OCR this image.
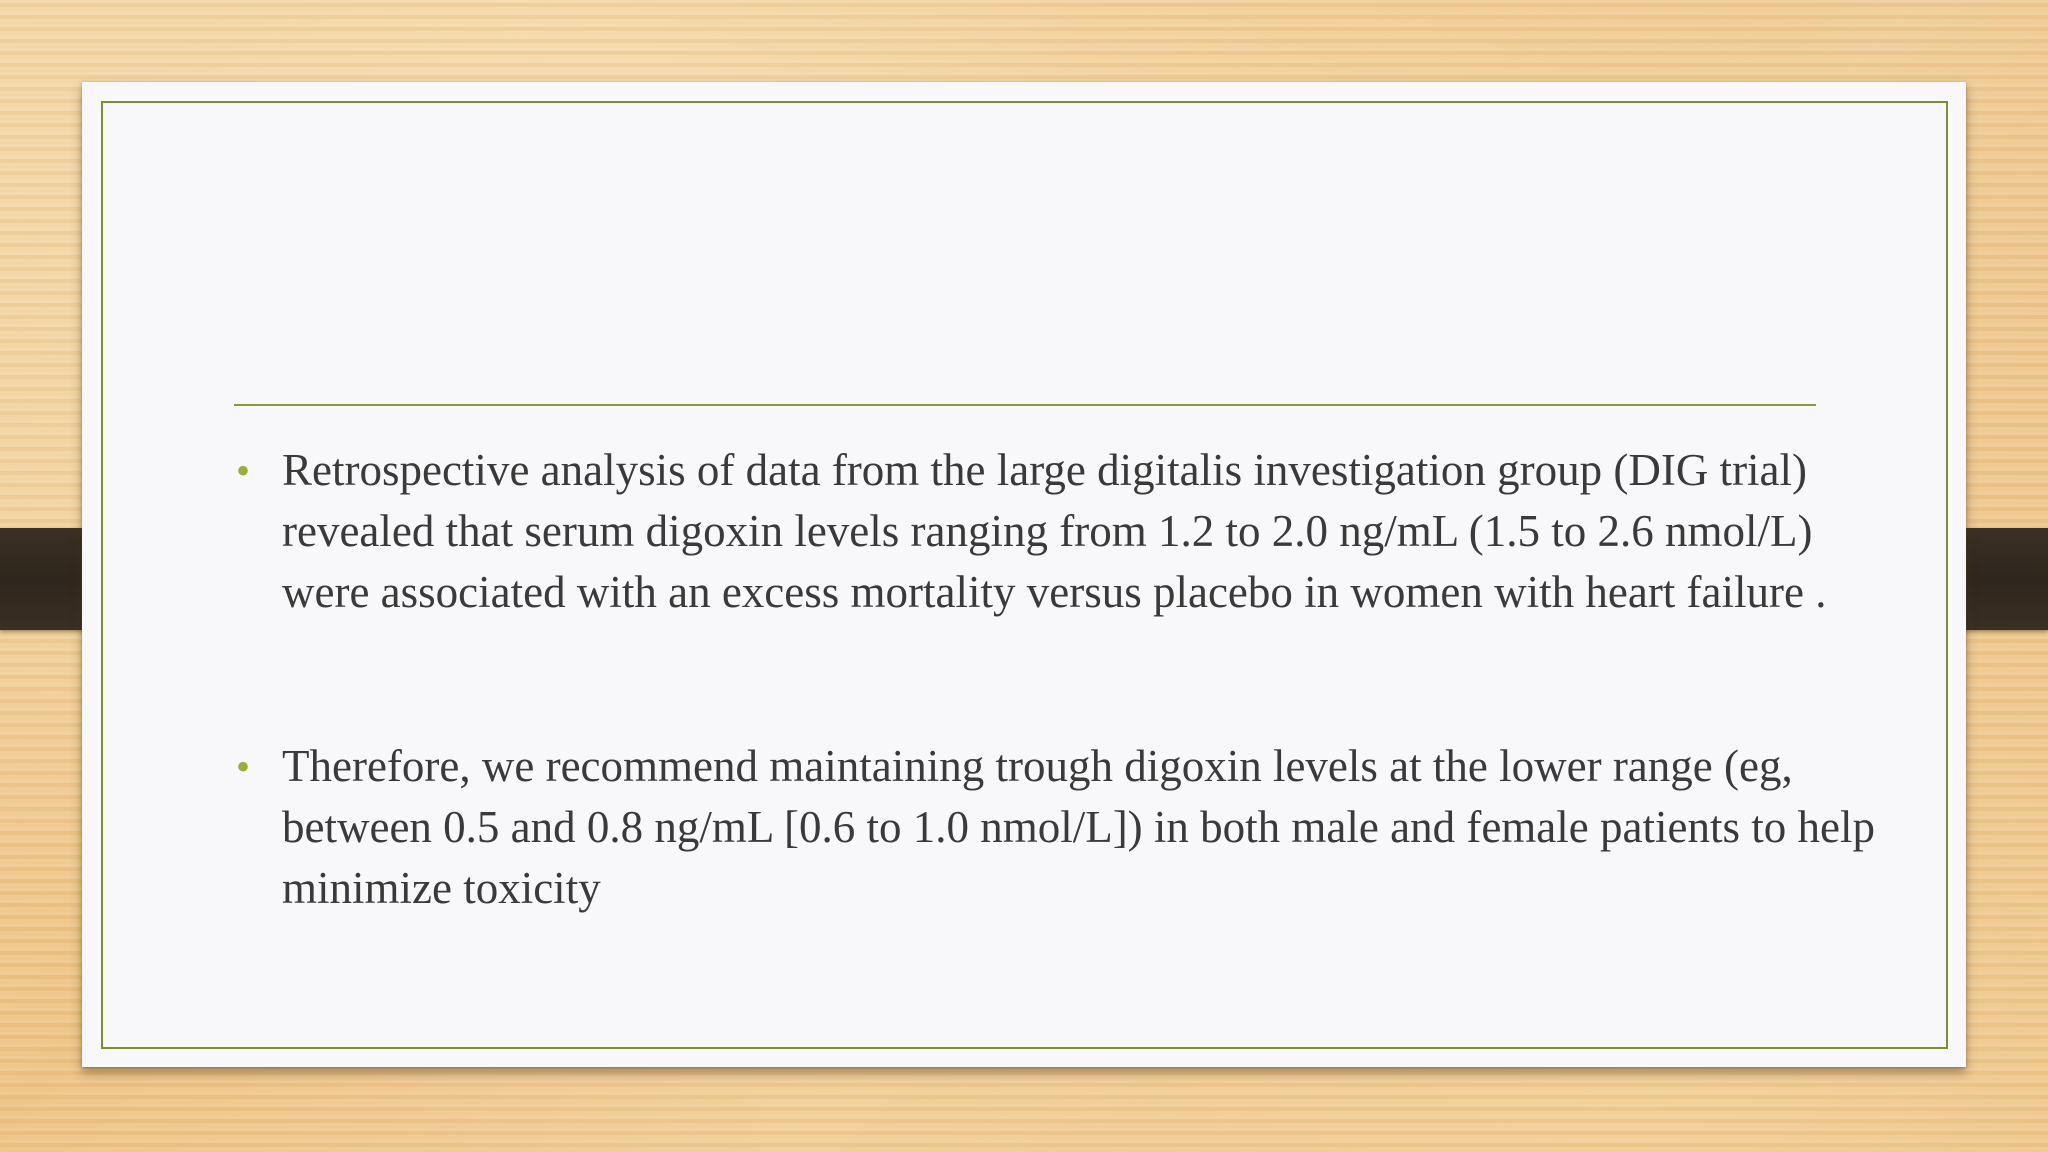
• Retrospective analysis of data from the large digitalis investigation group (DIG trial) revealed that serum digoxin levels ranging from 1.2 to 2.0 ng/mL (1.5 to 2.6 nmol/L) were associated with an excess mortality versus placebo in women with heart failure .
• Therefore, we recommend maintaining trough digoxin levels at the lower range (eg, between 0.5 and 0.8 ng/mL [0.6 to 1.0 nmol/L]) in both male and female patients to help minimize toxicity
